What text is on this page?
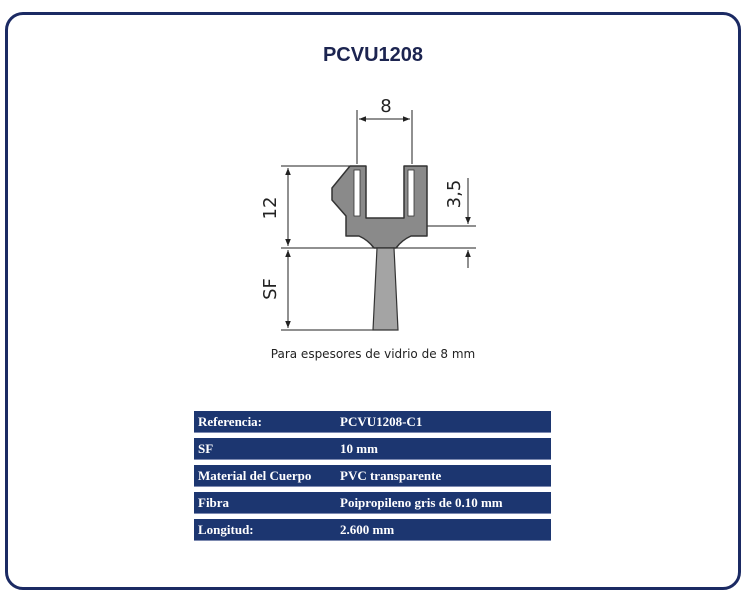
PCVU1208
8
12	3,5
SF
Para espesores de vidrio de 8 mm
Referencia:	PCVU1208-C1
SF	10 mm
Material del Cuerpo	PVC transparente
Fibra	Poipropileno gris de 0.10 mm
Longitud:	2.600 mm
